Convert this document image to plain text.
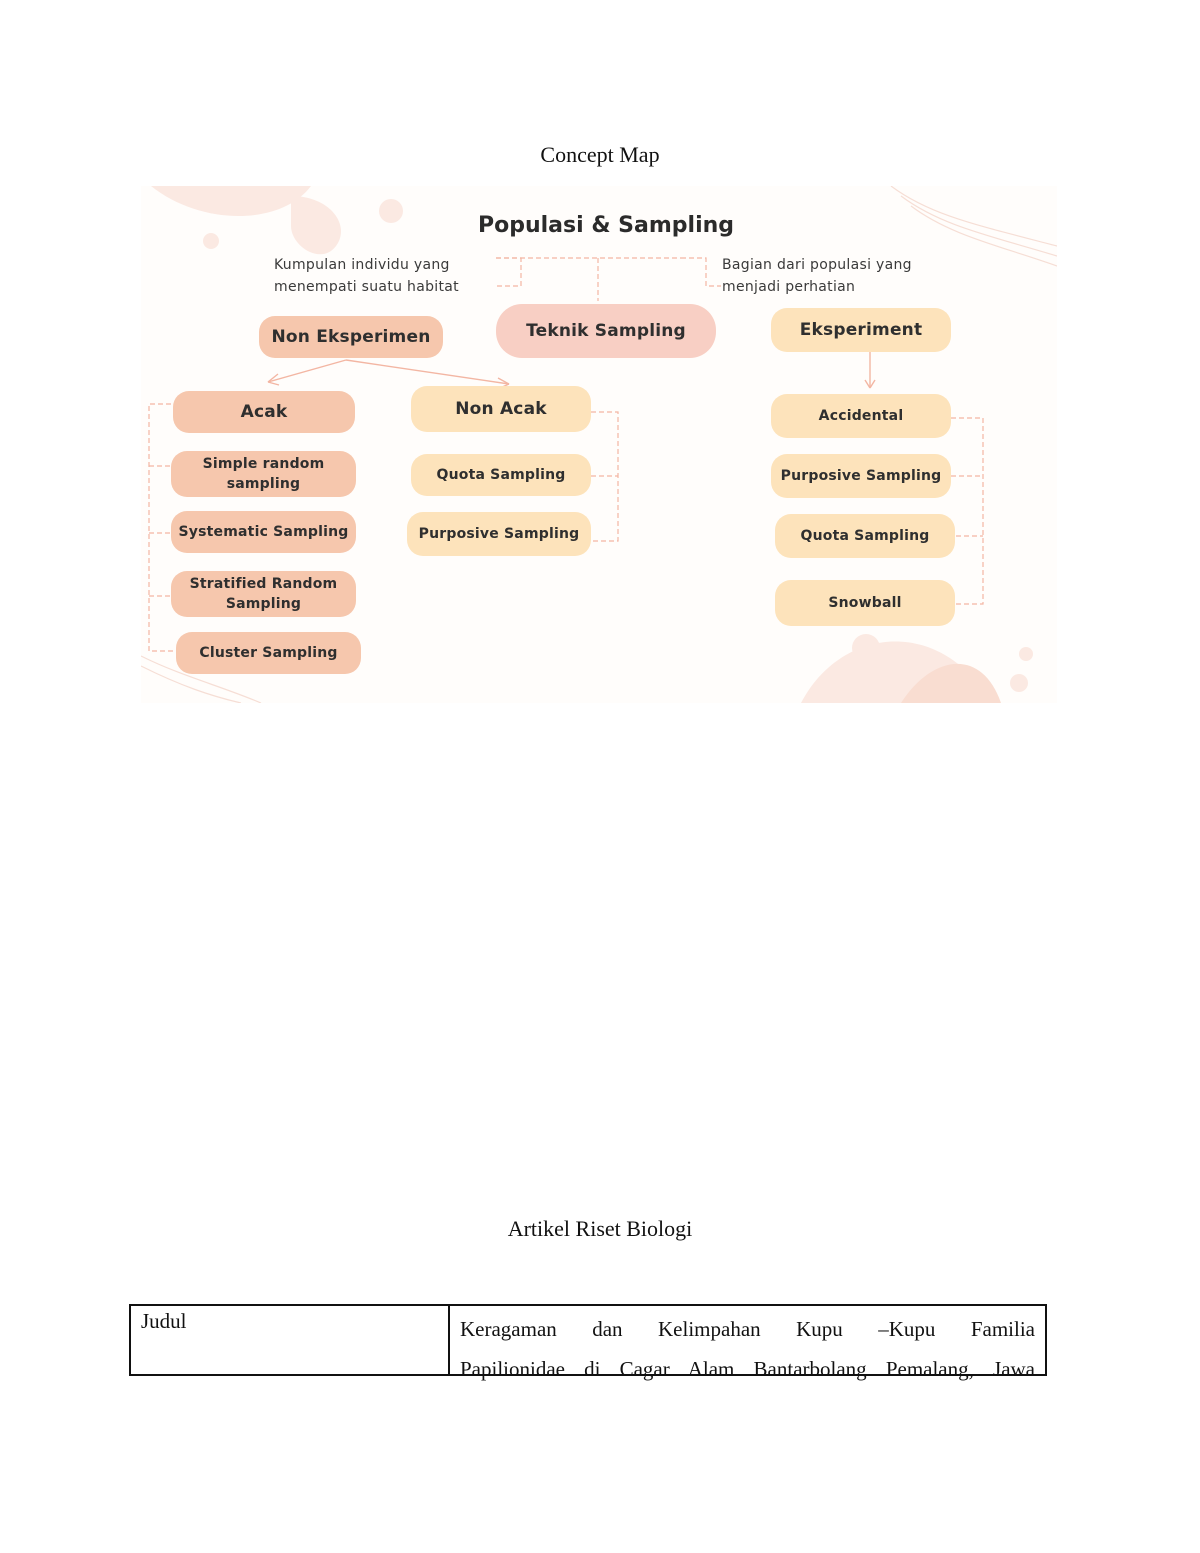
Concept Map
Populasi & Sampling
Kumpulan individu yang
menempati suatu habitat
Bagian dari populasi yang
menjadi perhatian
Teknik Sampling
Non Eksperimen	Eksperiment
Acak	Non Acak
Simple random sampling
Systematic Sampling
Stratified Random Sampling
Cluster Sampling
Quota Sampling
Purposive Sampling
Accidental
Purposive Sampling
Quota Sampling
Snowball
Artikel Riset Biologi
Judul	Keragaman dan Kelimpahan Kupu –Kupu Familia
Papilionidae di Cagar Alam Bantarbolang Pemalang, Jawa
